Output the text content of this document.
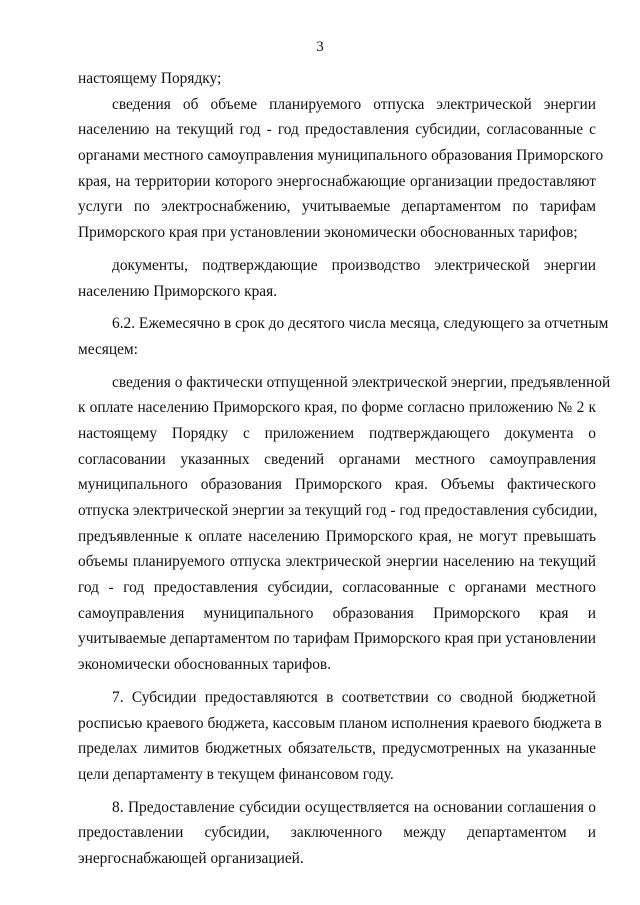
3
настоящему Порядку;
сведения об объеме планируемого отпуска электрической энергии
населению на текущий год - год предоставления субсидии, согласованные с
органами местного самоуправления муниципального образования Приморского
края, на территории которого энергоснабжающие организации предоставляют
услуги по электроснабжению, учитываемые департаментом по тарифам
Приморского края при установлении экономически обоснованных тарифов;
документы, подтверждающие производство электрической энергии
населению Приморского края.
6.2. Ежемесячно в срок до десятого числа месяца, следующего за отчетным
месяцем:
сведения о фактически отпущенной электрической энергии, предъявленной
к оплате населению Приморского края, по форме согласно приложению № 2 к
настоящему Порядку с приложением подтверждающего документа о
согласовании указанных сведений органами местного самоуправления
муниципального образования Приморского края. Объемы фактического
отпуска электрической энергии за текущий год - год предоставления субсидии,
предъявленные к оплате населению Приморского края, не могут превышать
объемы планируемого отпуска электрической энергии населению на текущий
год - год предоставления субсидии, согласованные с органами местного
самоуправления муниципального образования Приморского края и
учитываемые департаментом по тарифам Приморского края при установлении
экономически обоснованных тарифов.
7. Субсидии предоставляются в соответствии со сводной бюджетной
росписью краевого бюджета, кассовым планом исполнения краевого бюджета в
пределах лимитов бюджетных обязательств, предусмотренных на указанные
цели департаменту в текущем финансовом году.
8. Предоставление субсидии осуществляется на основании соглашения о
предоставлении субсидии, заключенного между департаментом и
энергоснабжающей организацией.
